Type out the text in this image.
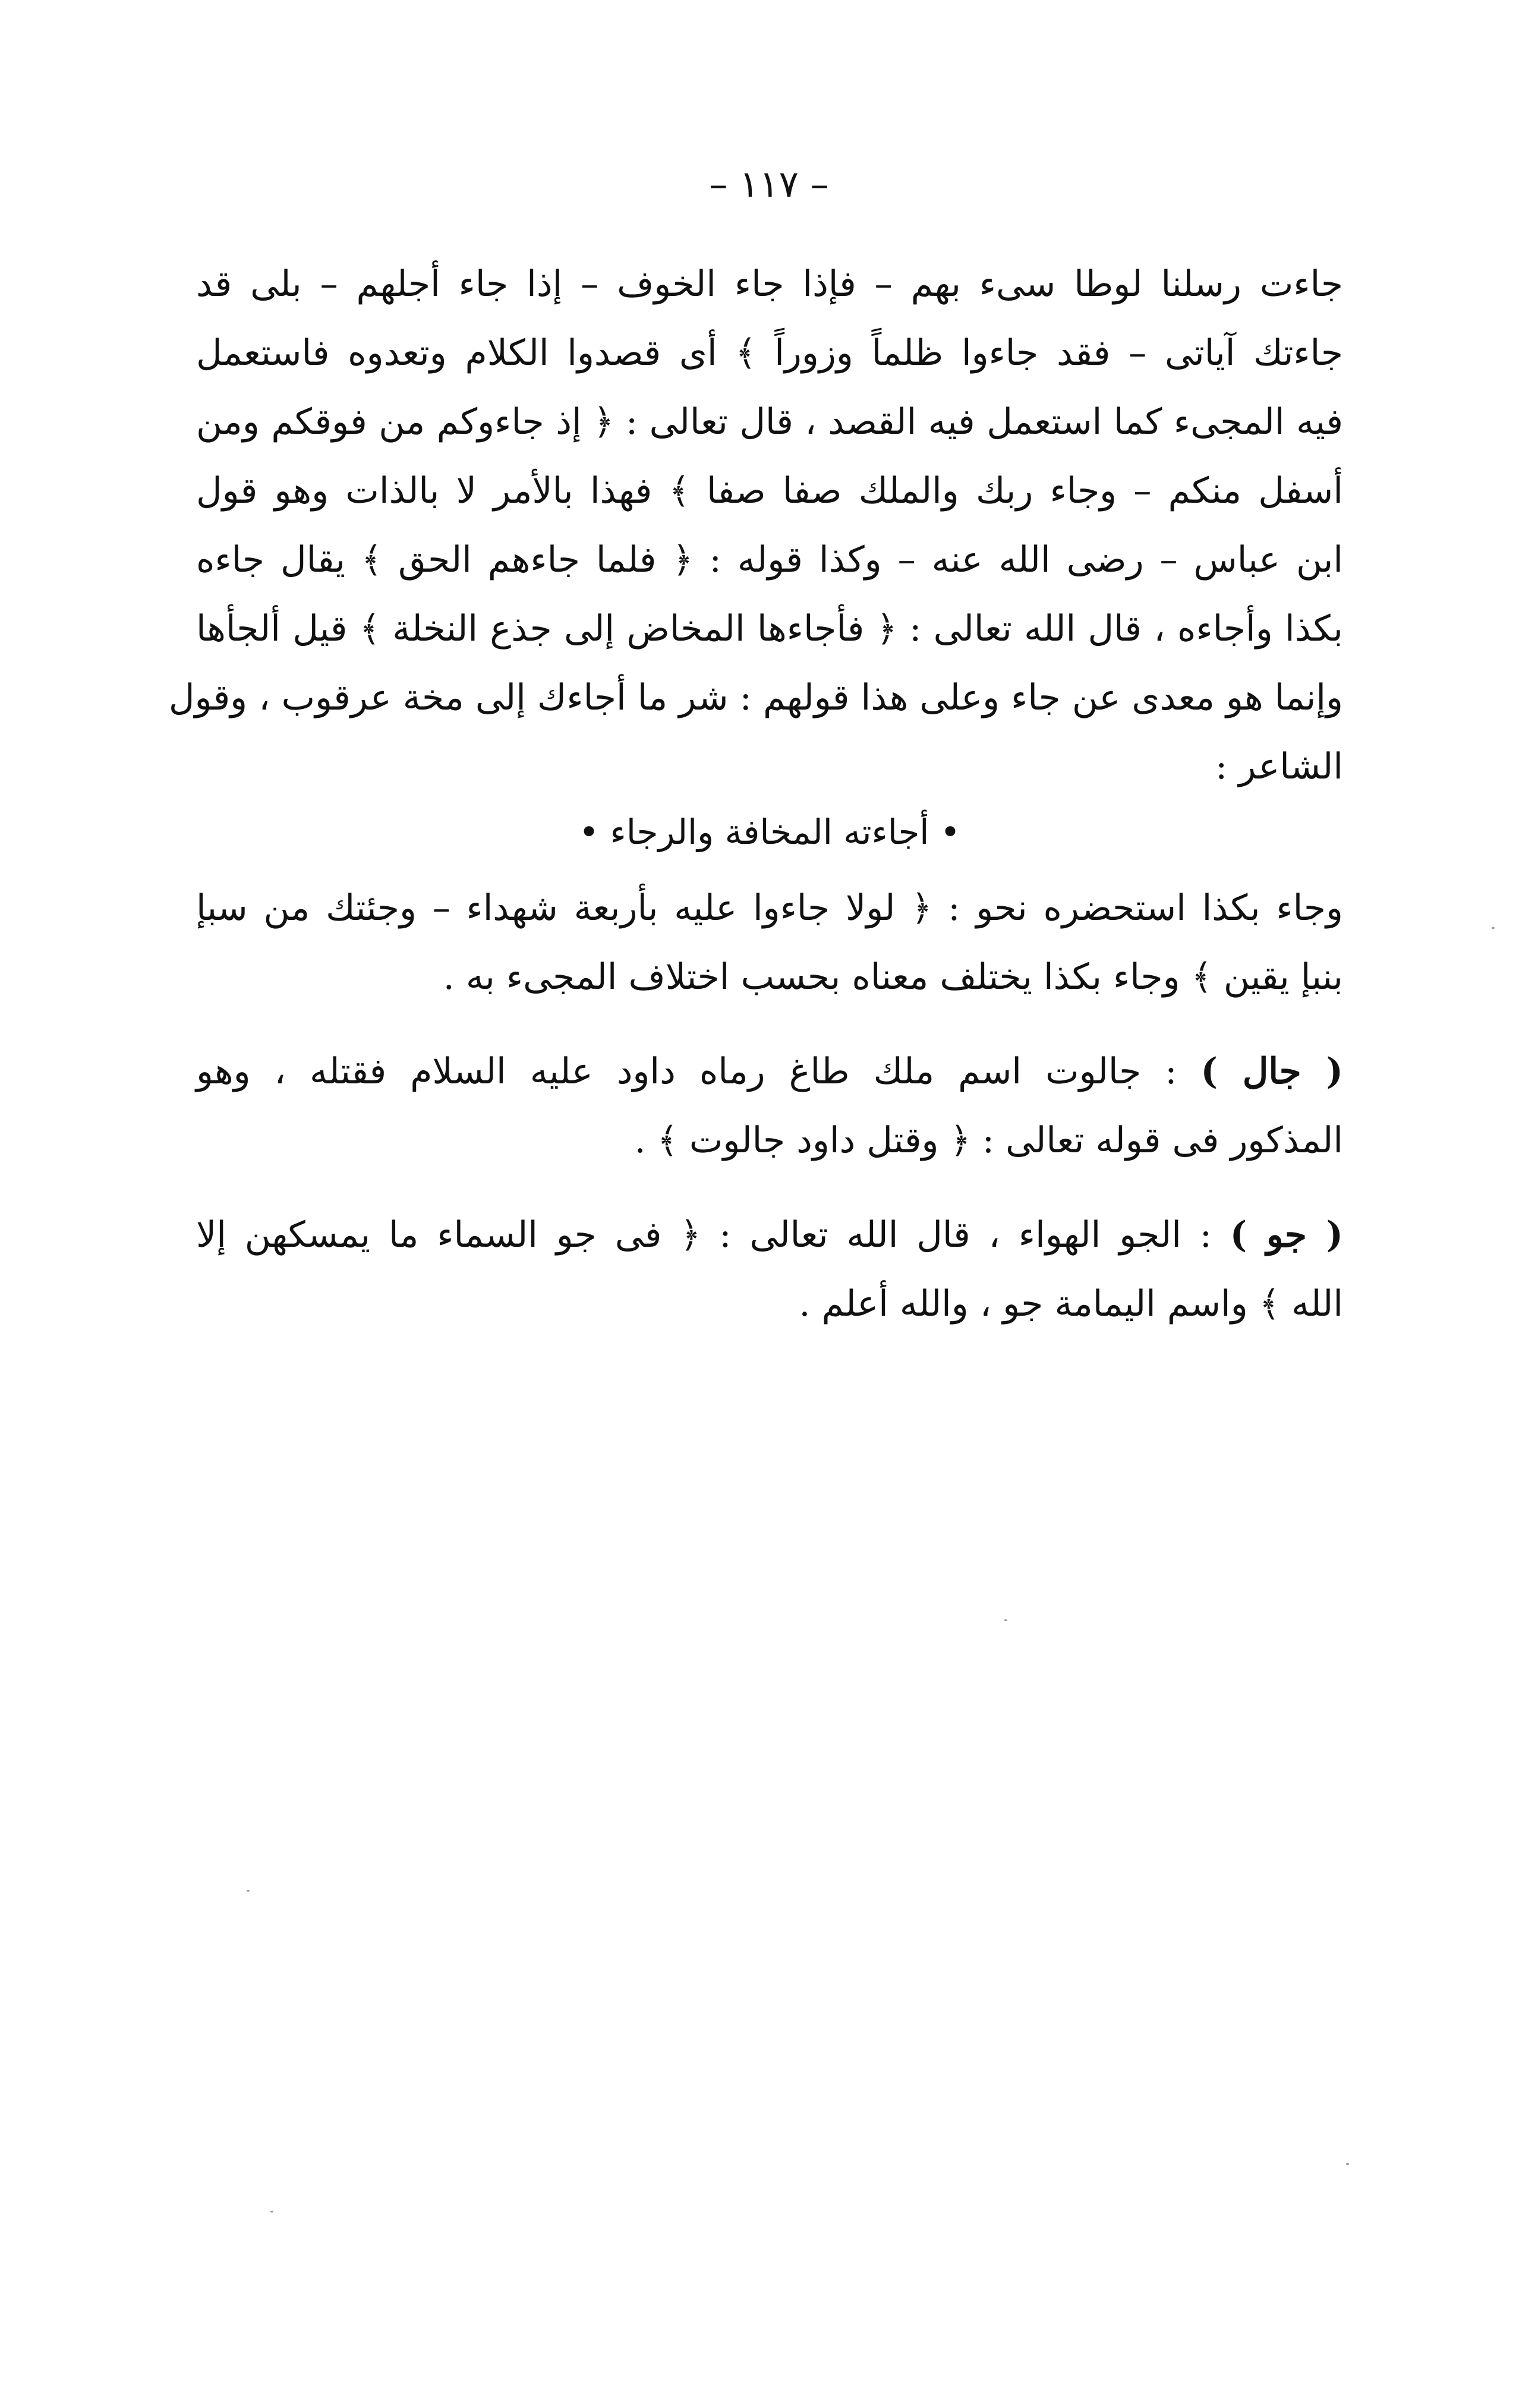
– ١١٧ –
جاءت رسلنا لوطا سىء بهم – فإذا جاء الخوف – إذا جاء أجلهم – بلى قد
جاءتك آياتى – فقد جاءوا ظلماً وزوراً ﴾ أى قصدوا الكلام وتعدوه فاستعمل
فيه المجىء كما استعمل فيه القصد ، قال تعالى : ﴿ إذ جاءوكم من فوقكم ومن
أسفل منكم – وجاء ربك والملك صفا صفا ﴾ فهذا بالأمر لا بالذات وهو قول
ابن عباس – رضى الله عنه – وكذا قوله : ﴿ فلما جاءهم الحق ﴾ يقال جاءه
بكذا وأجاءه ، قال الله تعالى : ﴿ فأجاءها المخاض إلى جذع النخلة ﴾ قيل ألجأها
وإنما هو معدى عن جاء وعلى هذا قولهم : شر ما أجاءك إلى مخة عرقوب ، وقول
الشاعر :
• أجاءته المخافة والرجاء •
وجاء بكذا استحضره نحو : ﴿ لولا جاءوا عليه بأربعة شهداء – وجئتك من سبإ
بنبإ يقين ﴾ وجاء بكذا يختلف معناه بحسب اختلاف المجىء به .
( جال ) : جالوت اسم ملك طاغ رماه داود عليه السلام فقتله ، وهو
المذكور فى قوله تعالى : ﴿ وقتل داود جالوت ﴾ .
( جو ) : الجو الهواء ، قال الله تعالى : ﴿ فى جو السماء ما يمسكهن إلا
الله ﴾ واسم اليمامة جو ، والله أعلم .
